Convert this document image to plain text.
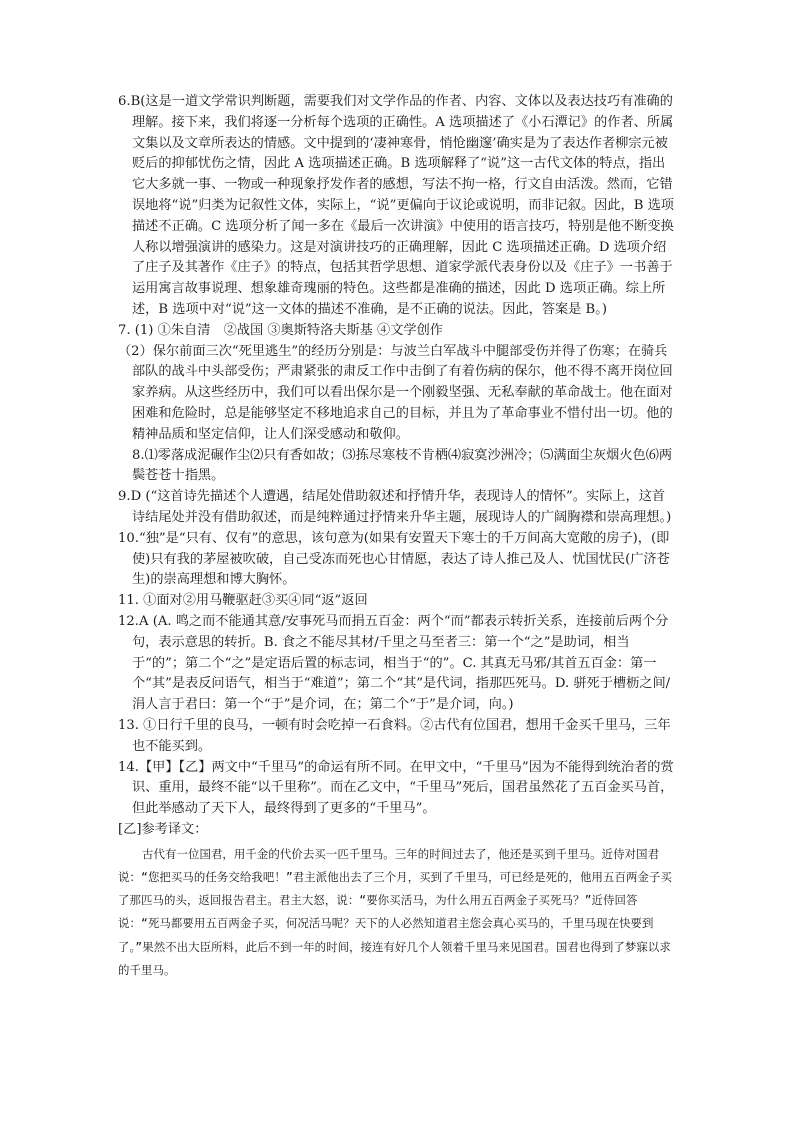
6.B(这是一道文学常识判断题，需要我们对文学作品的作者、内容、文体以及表达技巧有准确的理解。接下来，我们将逐一分析每个选项的正确性。A 选项描述了《小石潭记》的作者、所属文集以及文章所表达的情感。文中提到的‘凄神寒骨，悄怆幽邃’确实是为了表达作者柳宗元被贬后的抑郁忧伤之情，因此 A 选项描述正确。B 选项解释了“说”这一古代文体的特点，指出它大多就一事、一物或一种现象抒发作者的感想，写法不拘一格，行文自由活泼。然而，它错误地将“说”归类为记叙性文体，实际上，“说”更偏向于议论或说明，而非记叙。因此，B 选项描述不正确。C 选项分析了闻一多在《最后一次讲演》中使用的语言技巧，特别是他不断变换人称以增强演讲的感染力。这是对演讲技巧的正确理解，因此 C 选项描述正确。D 选项介绍了庄子及其著作《庄子》的特点，包括其哲学思想、道家学派代表身份以及《庄子》一书善于运用寓言故事说理、想象雄奇瑰丽的特色。这些都是准确的描述，因此 D 选项正确。综上所述，B 选项中对“说”这一文体的描述不准确，是不正确的说法。因此，答案是 B。)

7. (1) ①朱自清　②战国 ③奥斯特洛夫斯基 ④文学创作

（2）保尔前面三次“死里逃生”的经历分别是：与波兰白军战斗中腿部受伤并得了伤寒；在骑兵部队的战斗中头部受伤；严肃紧张的肃反工作中击倒了有着伤病的保尔，他不得不离开岗位回家养病。从这些经历中，我们可以看出保尔是一个刚毅坚强、无私奉献的革命战士。他在面对困难和危险时，总是能够坚定不移地追求自己的目标，并且为了革命事业不惜付出一切。他的精神品质和坚定信仰，让人们深受感动和敬仰。

8.⑴零落成泥碾作尘⑵只有香如故；⑶拣尽寒枝不肯栖⑷寂寞沙洲冷；⑸满面尘灰烟火色⑹两鬓苍苍十指黑。

9.D (“这首诗先描述个人遭遇，结尾处借助叙述和抒情升华，表现诗人的情怀”。实际上，这首诗结尾处并没有借助叙述，而是纯粹通过抒情来升华主题，展现诗人的广阔胸襟和崇高理想。)

10.“独”是“只有、仅有”的意思，该句意为(如果有安置天下寒士的千万间高大宽敞的房子)，(即使)只有我的茅屋被吹破，自己受冻而死也心甘情愿，表达了诗人推己及人、忧国忧民(广济苍生)的崇高理想和博大胸怀。

11. ①面对②用马鞭驱赶③买④同“返”返回

12.A (A. 鸣之而不能通其意/安事死马而捐五百金：两个“而”都表示转折关系，连接前后两个分句，表示意思的转折。B. 食之不能尽其材/千里之马至者三：第一个“之”是助词，相当于“的”；第二个“之”是定语后置的标志词，相当于“的”。C. 其真无马邪/其首五百金：第一个“其”是表反问语气，相当于“难道”；第二个“其”是代词，指那匹死马。D. 骈死于槽枥之间/涓人言于君曰：第一个“于”是介词，在；第二个“于”是介词，向。)

13. ①日行千里的良马，一顿有时会吃掉一石食料。②古代有位国君，想用千金买千里马，三年也不能买到。

14.【甲】【乙】两文中“千里马”的命运有所不同。在甲文中，“千里马”因为不能得到统治者的赏识、重用，最终不能“以千里称”。而在乙文中，“千里马”死后，国君虽然花了五百金买马首，但此举感动了天下人，最终得到了更多的“千里马”。

[乙]参考译文：

古代有一位国君，用千金的代价去买一匹千里马。三年的时间过去了，他还是买到千里马。近侍对国君说：“您把买马的任务交给我吧！”君主派他出去了三个月，买到了千里马，可已经是死的，他用五百两金子买了那匹马的头，返回报告君主。君主大怒，说：“要你买活马，为什么用五百两金子买死马？”近侍回答说：“死马都要用五百两金子买，何况活马呢？天下的人必然知道君主您会真心买马的，千里马现在快要到了。”果然不出大臣所料，此后不到一年的时间，接连有好几个人领着千里马来见国君。国君也得到了梦寐以求的千里马。
